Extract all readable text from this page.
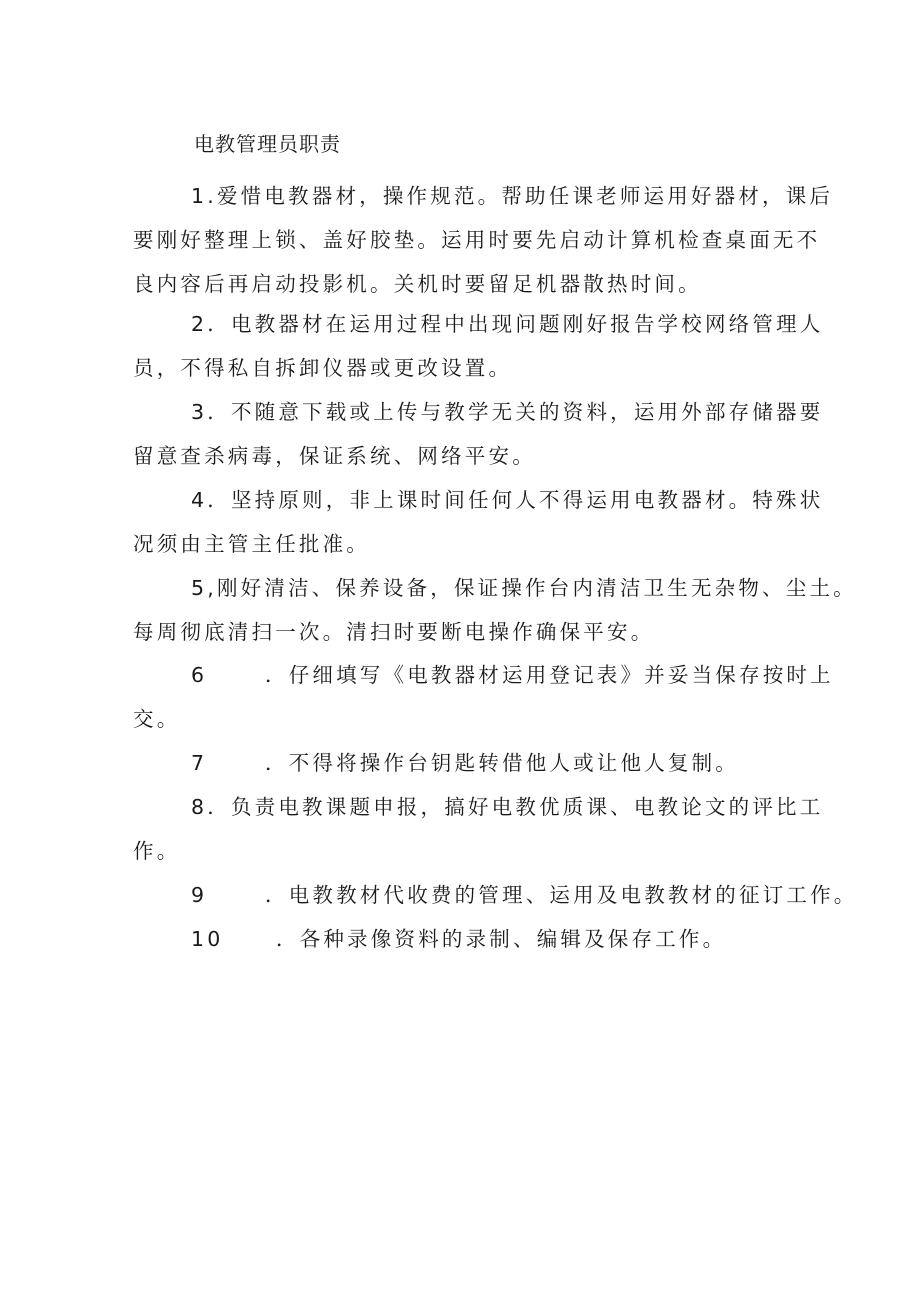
电教管理员职责
1.爱惜电教器材，操作规范。帮助任课老师运用好器材，课后
要刚好整理上锁、盖好胶垫。运用时要先启动计算机检查桌面无不
良内容后再启动投影机。关机时要留足机器散热时间。
2．电教器材在运用过程中出现问题刚好报告学校网络管理人
员，不得私自拆卸仪器或更改设置。
3．不随意下载或上传与教学无关的资料，运用外部存储器要
留意查杀病毒，保证系统、网络平安。
4．坚持原则，非上课时间任何人不得运用电教器材。特殊状
况须由主管主任批准。
5,刚好清洁、保养设备，保证操作台内清洁卫生无杂物、尘土。
每周彻底清扫一次。清扫时要断电操作确保平安。
6	．仔细填写《电教器材运用登记表》并妥当保存按时上
交。
7	．不得将操作台钥匙转借他人或让他人复制。
8．负责电教课题申报，搞好电教优质课、电教论文的评比工
作。
9	．电教教材代收费的管理、运用及电教教材的征订工作。
10	．各种录像资料的录制、编辑及保存工作。
